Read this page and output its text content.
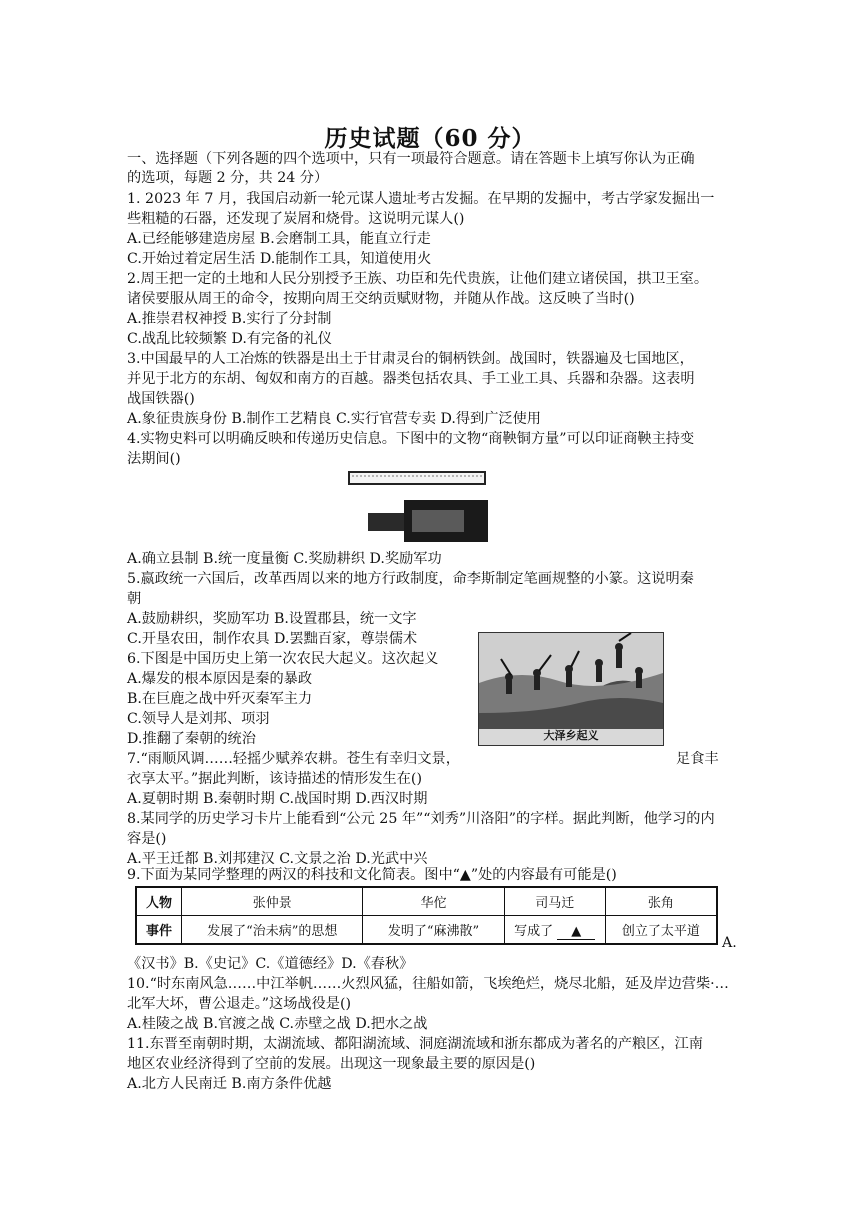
历史试题（60 分）
一、选择题（下列各题的四个选项中，只有一项最符合题意。请在答题卡上填写你认为正确
的选项，每题 2 分，共 24 分）
1. 2023 年 7 月，我国启动新一轮元谋人遗址考古发掘。在早期的发掘中，考古学家发掘出一
些粗糙的石器，还发现了炭屑和烧骨。这说明元谋人()
A.已经能够建造房屋 B.会磨制工具，能直立行走
C.开始过着定居生活 D.能制作工具，知道使用火
2.周王把一定的土地和人民分别授予王族、功臣和先代贵族，让他们建立诸侯国，拱卫王室。
诸侯要服从周王的命令，按期向周王交纳贡赋财物，并随从作战。这反映了当时()
A.推崇君权神授 B.实行了分封制
C.战乱比较频繁 D.有完备的礼仪
3.中国最早的人工冶炼的铁器是出土于甘肃灵台的铜柄铁剑。战国时，铁器遍及七国地区，
并见于北方的东胡、匈奴和南方的百越。器类包括农具、手工业工具、兵器和杂器。这表明
战国铁器()
A.象征贵族身份 B.制作工艺精良 C.实行官营专卖 D.得到广泛使用
4.实物史料可以明确反映和传递历史信息。下图中的文物“商鞅铜方量”可以印证商鞅主持变
法期间()
A.确立县制 B.统一度量衡 C.奖励耕织 D.奖励军功
5.嬴政统一六国后，改革西周以来的地方行政制度，命李斯制定笔画规整的小篆。这说明秦
朝
A.鼓励耕织，奖励军功 B.设置郡县，统一文字
C.开垦农田，制作农具 D.罢黜百家，尊崇儒术
6.下图是中国历史上第一次农民大起义。这次起义
A.爆发的根本原因是秦的暴政
B.在巨鹿之战中歼灭秦军主力
C.领导人是刘邦、项羽
D.推翻了秦朝的统治	大泽乡起义
7.“雨顺风调……轻摇少赋养农耕。苍生有幸归文景，	足食丰
衣享太平。”据此判断，该诗描述的情形发生在()
A.夏朝时期 B.秦朝时期 C.战国时期 D.西汉时期
8.某同学的历史学习卡片上能看到“公元 25 年”“刘秀”川洛阳”的字样。据此判断，他学习的内
容是()
A.平王迁都 B.刘邦建汉 C.文景之治 D.光武中兴
9.下面为某同学整理的两汉的科技和文化简表。图中“▲”处的内容最有可能是()
人物	张仲景	华佗	司马迁	张角
事件	发展了“治未病”的思想	发明了“麻沸散”	写成了 ▲	创立了太平道
A.
《汉书》B.《史记》C.《道德经》D.《春秋》
10.“时东南风急……中江举帆……火烈风猛，往船如箭，飞埃绝烂，烧尽北船，延及岸边营柴·…
北军大坏，曹公退走。”这场战役是()
A.桂陵之战 B.官渡之战 C.赤壁之战 D.把水之战
11.东晋至南朝时期，太湖流域、都阳湖流域、洞庭湖流域和浙东都成为著名的产粮区，江南
地区农业经济得到了空前的发展。出现这一现象最主要的原因是()
A.北方人民南迁 B.南方条件优越
